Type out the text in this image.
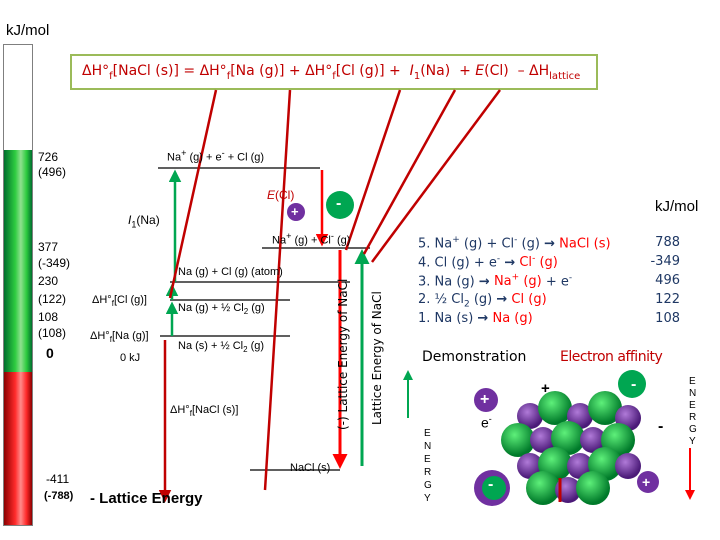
kJ/mol
$\Delta H^\circ_f[NaCl$ $(s)] = \Delta H^\circ_f[Na$ $(g)] + \Delta H^\circ_f[Cl$ $(g)] + I_1(Na) + E(Cl) - \Delta H_{lattice}$
726
(496)
377
(-349)
230
(122)
108
(108)
0
-411
(-788)
Na+ (g) + e- + Cl (g)
E(Cl)
+ -
$I_1(Na)$
Na+ (g) + Cl- (g)
Na (g) + Cl (g) (atom)
$\Delta H^\circ_f[Cl$ (g)]
Na (g) + ½ $Cl_2$ (g)
$\Delta H^\circ_f[Na$ (g)]
Na (s) + ½ $Cl_2$ (g)
0 kJ
$\Delta H^\circ_f[NaCl$ (s)]
NaCl (s)
- Lattice Energy
(-) Lattice Energy of NaCl Lattice Energy of NaCl
kJ/mol
5. Na+ (g) + Cl- (g) → NaCl (s)	788
4. Cl (g) + e- → Cl- (g)	-349
3. Na (g) → Na+ (g) + e-	496
2. ½ $Cl_2$ (g) → Cl (g)	122
1. Na (s) → Na (g)	108
Demonstration Electron affinity
+
+	-
-
e-
-	+
E
N
E
R
G
Y
E
N
E
R
G
Y
